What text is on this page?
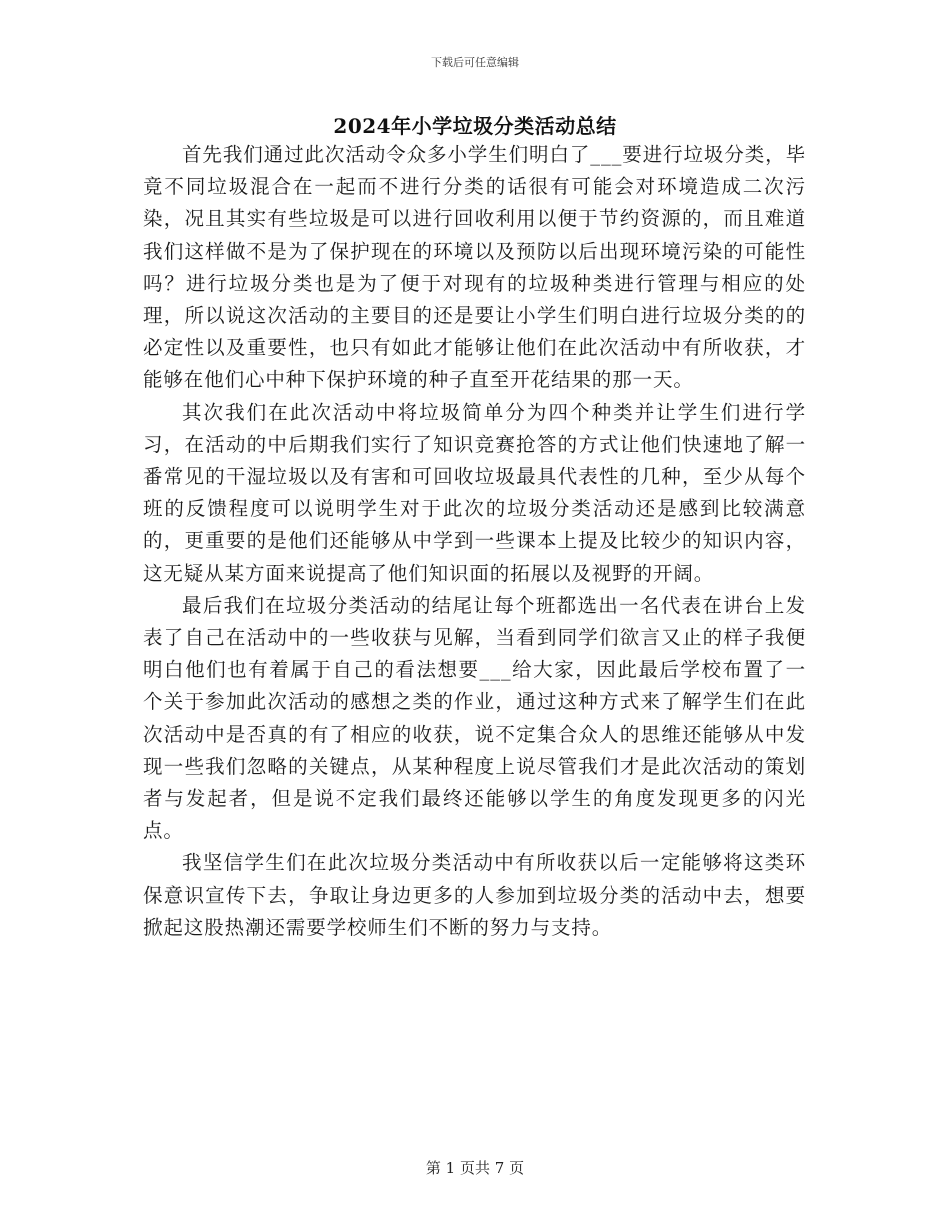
下载后可任意编辑
2024年小学垃圾分类活动总结

首先我们通过此次活动令众多小学生们明白了___要进行垃圾分类，毕竟不同垃圾混合在一起而不进行分类的话很有可能会对环境造成二次污染，况且其实有些垃圾是可以进行回收利用以便于节约资源的，而且难道我们这样做不是为了保护现在的环境以及预防以后出现环境污染的可能性吗？进行垃圾分类也是为了便于对现有的垃圾种类进行管理与相应的处理，所以说这次活动的主要目的还是要让小学生们明白进行垃圾分类的的必定性以及重要性，也只有如此才能够让他们在此次活动中有所收获，才能够在他们心中种下保护环境的种子直至开花结果的那一天。

其次我们在此次活动中将垃圾简单分为四个种类并让学生们进行学习，在活动的中后期我们实行了知识竞赛抢答的方式让他们快速地了解一番常见的干湿垃圾以及有害和可回收垃圾最具代表性的几种，至少从每个班的反馈程度可以说明学生对于此次的垃圾分类活动还是感到比较满意的，更重要的是他们还能够从中学到一些课本上提及比较少的知识内容，这无疑从某方面来说提高了他们知识面的拓展以及视野的开阔。

最后我们在垃圾分类活动的结尾让每个班都选出一名代表在讲台上发表了自己在活动中的一些收获与见解，当看到同学们欲言又止的样子我便明白他们也有着属于自己的看法想要___给大家，因此最后学校布置了一个关于参加此次活动的感想之类的作业，通过这种方式来了解学生们在此次活动中是否真的有了相应的收获，说不定集合众人的思维还能够从中发现一些我们忽略的关键点，从某种程度上说尽管我们才是此次活动的策划者与发起者，但是说不定我们最终还能够以学生的角度发现更多的闪光点。

我坚信学生们在此次垃圾分类活动中有所收获以后一定能够将这类环保意识宣传下去，争取让身边更多的人参加到垃圾分类的活动中去，想要掀起这股热潮还需要学校师生们不断的努力与支持。

第 1 页共 7 页
